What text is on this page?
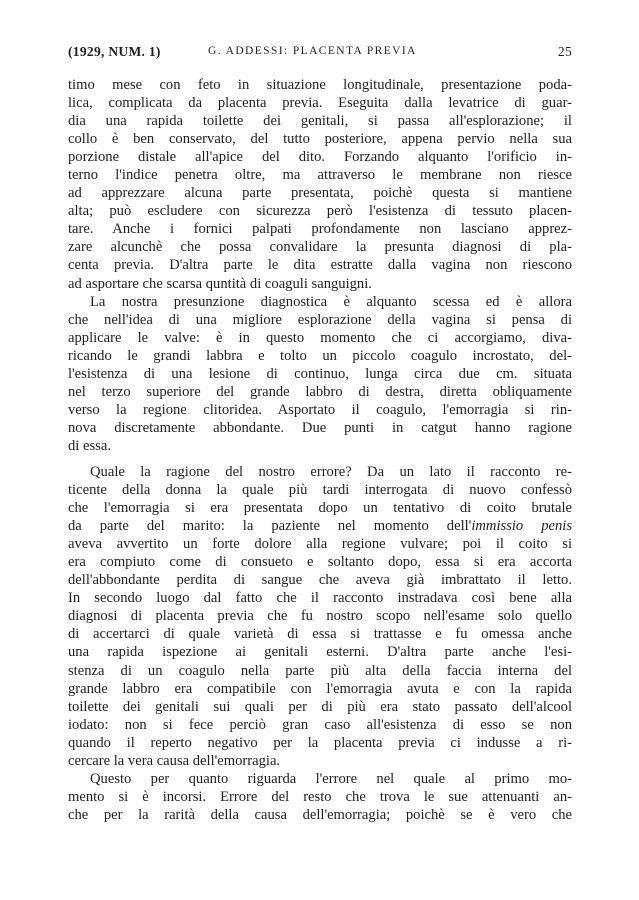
(1929, NUM. 1)	G. ADDESSI: PLACENTA PREVIA	25
timo mese con feto in situazione longitudinale, presentazione poda-
lica, complicata da placenta previa. Eseguita dalla levatrice di guar-
dia una rapida toilette dei genitali, si passa all'esplorazione; il
collo è ben conservato, del tutto posteriore, appena pervio nella sua
porzione distale all'apice del dito. Forzando alquanto l'orificio in-
terno l'indice penetra oltre, ma attraverso le membrane non riesce
ad apprezzare alcuna parte presentata, poichè questa si mantiene
alta; può escludere con sicurezza però l'esistenza di tessuto placen-
tare. Anche i fornici palpati profondamente non lasciano apprez-
zare alcunchè che possa convalidare la presunta diagnosi di pla-
centa previa. D'altra parte le dita estratte dalla vagina non riescono
ad asportare che scarsa quntità di coaguli sanguigni.
La nostra presunzione diagnostica è alquanto scessa ed è allora
che nell'idea di una migliore esplorazione della vagina si pensa di
applicare le valve: è in questo momento che ci accorgiamo, diva-
ricando le grandi labbra e tolto un piccolo coagulo incrostato, del-
l'esistenza di una lesione di continuo, lunga circa due cm. situata
nel terzo superiore del grande labbro di destra, diretta obliquamente
verso la regione clitoridea. Asportato il coagulo, l'emorragia si rin-
nova discretamente abbondante. Due punti in catgut hanno ragione
di essa.
Quale la ragione del nostro errore? Da un lato il racconto re-
ticente della donna la quale più tardi interrogata di nuovo confessò
che l'emorragia si era presentata dopo un tentativo di coito brutale
da parte del marito: la paziente nel momento dell'immissio penis
aveva avvertito un forte dolore alla regione vulvare; poi il coito si
era compiuto come di consueto e soltanto dopo, essa si era accorta
dell'abbondante perdita di sangue che aveva già imbrattato il letto.
In secondo luogo dal fatto che il racconto instradava così bene alla
diagnosi di placenta previa che fu nostro scopo nell'esame solo quello
di accertarci di quale varietà di essa si trattasse e fu omessa anche
una rapida ispezione ai genitali esterni. D'altra parte anche l'esi-
stenza di un coagulo nella parte più alta della faccia interna del
grande labbro era compatibile con l'emorragia avuta e con la rapida
toilette dei genitali sui quali per di più era stato passato dell'alcool
iodato: non si fece perciò gran caso all'esistenza di esso se non
quando il reperto negativo per la placenta previa ci indusse a ri-
cercare la vera causa dell'emorragia.
Questo per quanto riguarda l'errore nel quale al primo mo-
mento si è incorsi. Errore del resto che trova le sue attenuanti an-
che per la rarità della causa dell'emorragia; poichè se è vero che
